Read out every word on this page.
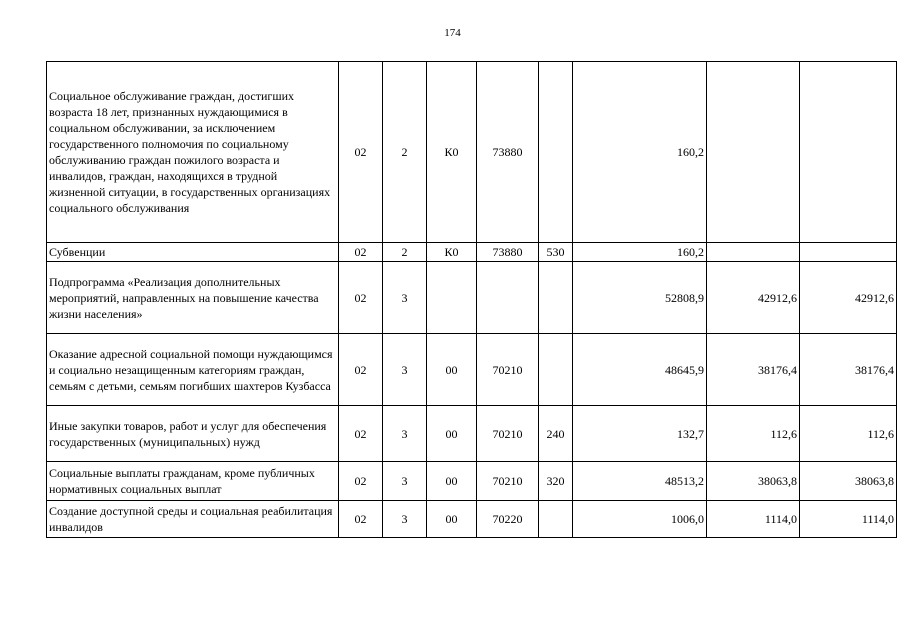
174
Социальное обслуживание граждан, достигших возраста 18 лет, признанных нуждающимися в социальном обслуживании, за исключением государственного полномочия по социальному обслуживанию граждан пожилого возраста и инвалидов, граждан, находящихся в трудной жизненной ситуации, в государственных организациях социального обслуживания	02	2	К0	73880		160,2		
Субвенции	02	2	К0	73880	530	160,2		
Подпрограмма «Реализация дополнительных мероприятий, направленных на повышение качества жизни населения»	02	3				52808,9	42912,6	42912,6
Оказание адресной социальной помощи нуждающимся и социально незащищенным категориям граждан, семьям с детьми, семьям погибших шахтеров Кузбасса	02	3	00	70210		48645,9	38176,4	38176,4
Иные закупки товаров, работ и услуг для обеспечения государственных (муниципальных) нужд	02	3	00	70210	240	132,7	112,6	112,6
Социальные выплаты гражданам, кроме публичных нормативных социальных выплат	02	3	00	70210	320	48513,2	38063,8	38063,8
Создание доступной среды и социальная реабилитация инвалидов	02	3	00	70220		1006,0	1114,0	1114,0
